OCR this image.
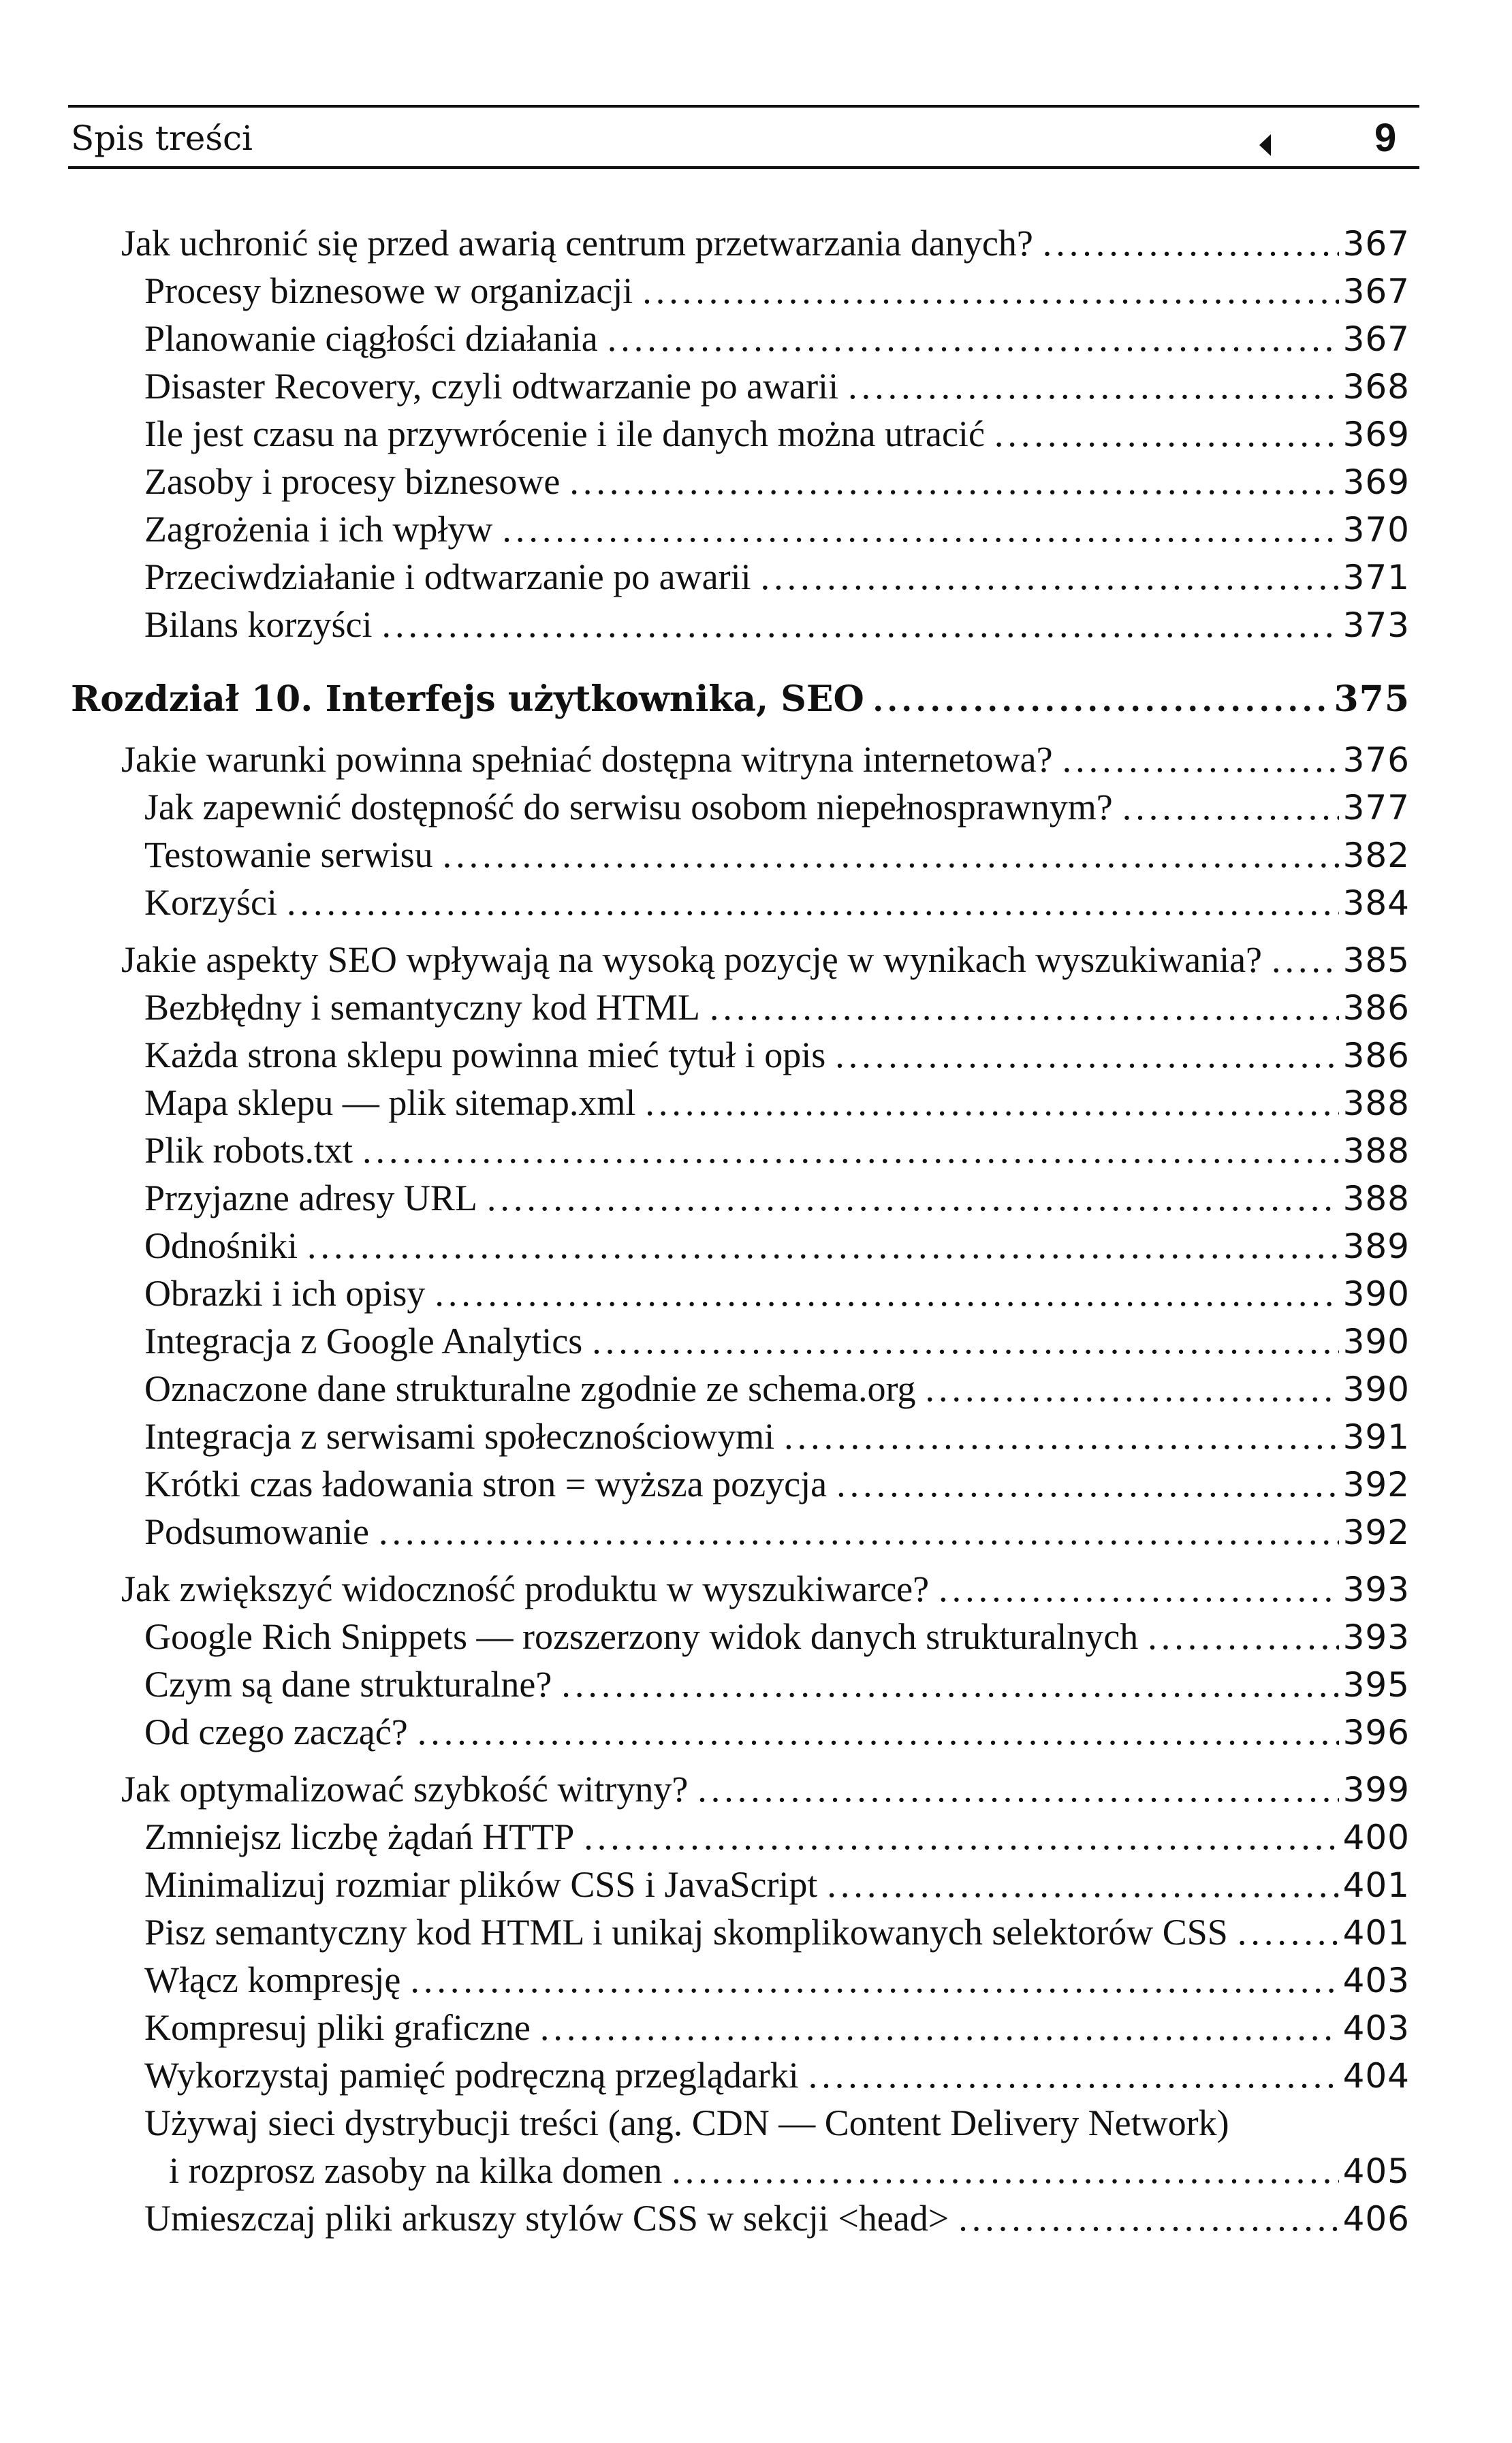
Spis treści	9
Jak uchronić się przed awarią centrum przetwarzania danych? .....	367
Procesy biznesowe w organizacji .....	367
Planowanie ciągłości działania .....	367
Disaster Recovery, czyli odtwarzanie po awarii .....	368
Ile jest czasu na przywrócenie i ile danych można utracić .....	369
Zasoby i procesy biznesowe .....	369
Zagrożenia i ich wpływ .....	370
Przeciwdziałanie i odtwarzanie po awarii .....	371
Bilans korzyści .....	373
Rozdział 10. Interfejs użytkownika, SEO .....	375
Jakie warunki powinna spełniać dostępna witryna internetowa? .....	376
Jak zapewnić dostępność do serwisu osobom niepełnosprawnym? .....	377
Testowanie serwisu .....	382
Korzyści .....	384
Jakie aspekty SEO wpływają na wysoką pozycję w wynikach wyszukiwania? ..... 385
Bezbłędny i semantyczny kod HTML .....	386
Każda strona sklepu powinna mieć tytuł i opis .....	386
Mapa sklepu — plik sitemap.xml .....	388
Plik robots.txt .....	388
Przyjazne adresy URL .....	388
Odnośniki .....	389
Obrazki i ich opisy .....	390
Integracja z Google Analytics .....	390
Oznaczone dane strukturalne zgodnie ze schema.org .....	390
Integracja z serwisami społecznościowymi .....	391
Krótki czas ładowania stron = wyższa pozycja .....	392
Podsumowanie .....	392
Jak zwiększyć widoczność produktu w wyszukiwarce? .....	393
Google Rich Snippets — rozszerzony widok danych strukturalnych .....	393
Czym są dane strukturalne? .....	395
Od czego zacząć? .....	396
Jak optymalizować szybkość witryny? .....	399
Zmniejsz liczbę żądań HTTP .....	400
Minimalizuj rozmiar plików CSS i JavaScript .....	401
Pisz semantyczny kod HTML i unikaj skomplikowanych selektorów CSS .....	401
Włącz kompresję .....	403
Kompresuj pliki graficzne .....	403
Wykorzystaj pamięć podręczną przeglądarki .....	404
Używaj sieci dystrybucji treści (ang. CDN — Content Delivery Network)
i rozprosz zasoby na kilka domen .....	405
Umieszczaj pliki arkuszy stylów CSS w sekcji <head> .....	406
